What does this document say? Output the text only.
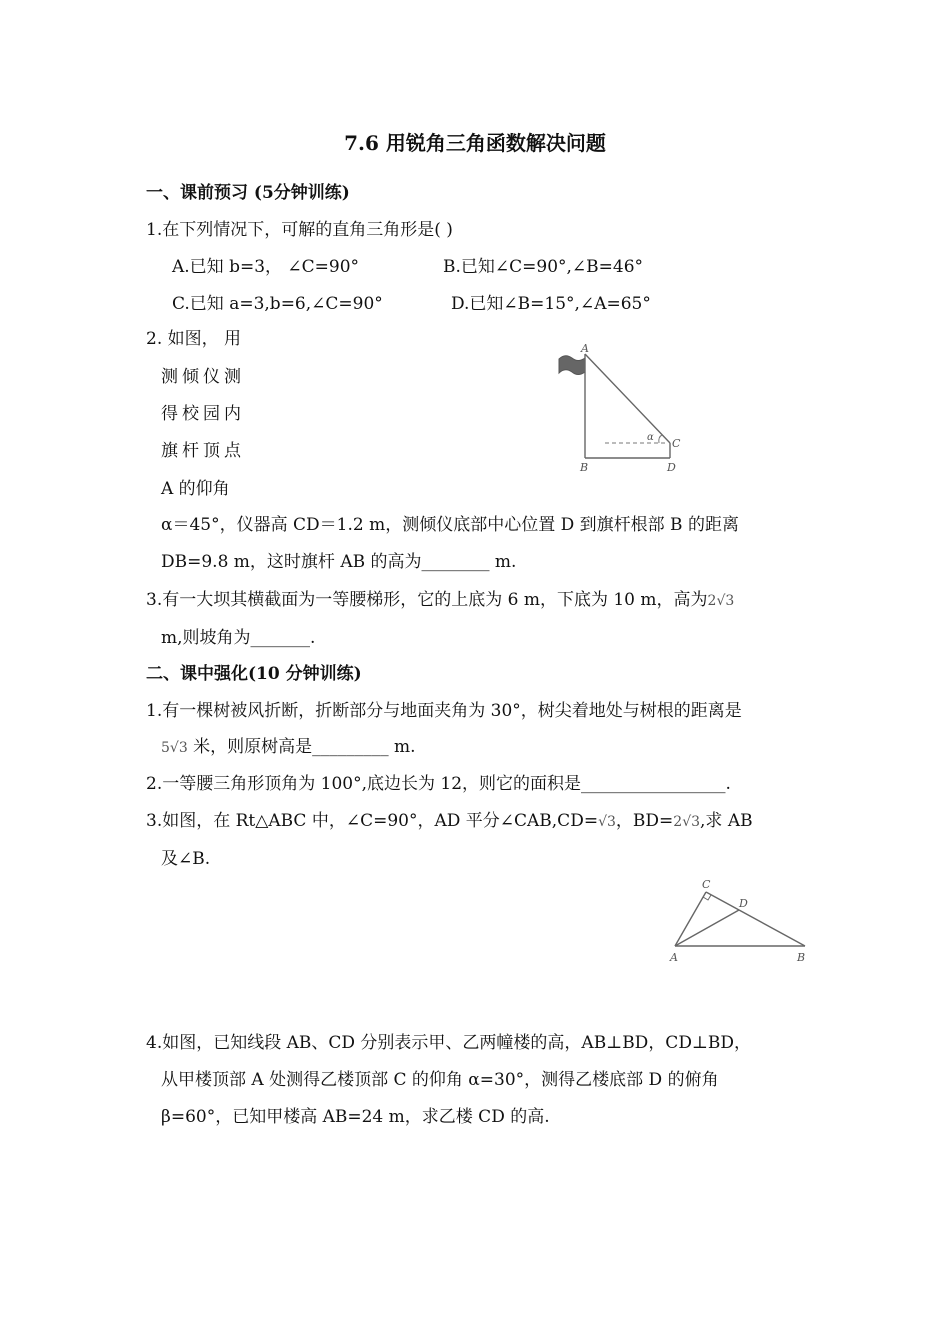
7.6 用锐角三角函数解决问题
一、课前预习 (5分钟训练)
1.在下列情况下，可解的直角三角形是( )
A.已知 b=3， ∠C=90°	B.已知∠C=90°,∠B=46°
C.已知 a=3,b=6,∠C=90°	D.已知∠B=15°,∠A=65°
2. 如图， 用
测倾仪测
得校园内
旗杆顶点
A 的仰角
α＝45°，仪器高 CD＝1.2 m，测倾仪底部中心位置 D 到旗杆根部 B 的距离
DB=9.8 m，这时旗杆 AB 的高为________ m.
A
B
C
D
α
3.有一大坝其横截面为一等腰梯形，它的上底为 6 m，下底为 10 m，高为2√3
m,则坡角为_______.
二、课中强化(10 分钟训练)
1.有一棵树被风折断，折断部分与地面夹角为 30°，树尖着地处与树根的距离是
5√3 米，则原树高是_________ m.
2.一等腰三角形顶角为 100°,底边长为 12，则它的面积是_________________.
3.如图，在 Rt△ABC 中，∠C=90°，AD 平分∠CAB,CD=√3，BD=2√3,求 AB
及∠B.
C
D
A	B
4.如图，已知线段 AB、CD 分别表示甲、乙两幢楼的高，AB⊥BD，CD⊥BD，
从甲楼顶部 A 处测得乙楼顶部 C 的仰角 α=30°，测得乙楼底部 D 的俯角
β=60°，已知甲楼高 AB=24 m，求乙楼 CD 的高.
